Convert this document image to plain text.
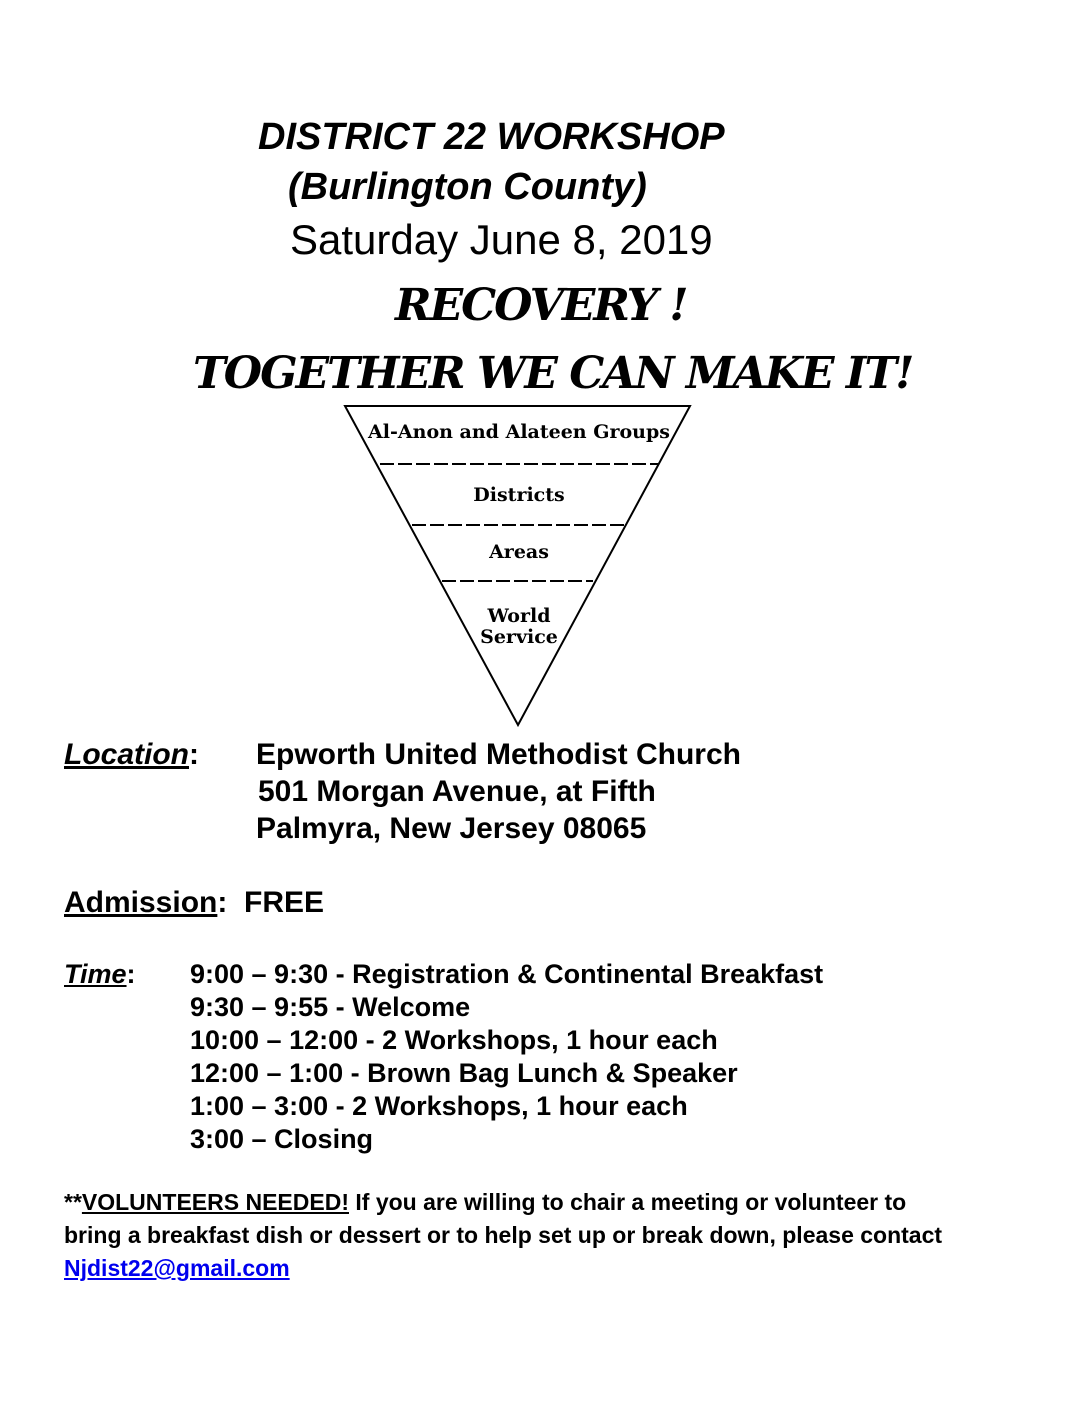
DISTRICT 22 WORKSHOP
(Burlington County)
Saturday June 8, 2019
RECOVERY !
TOGETHER WE CAN MAKE IT!
Al-Anon and Alateen Groups
Districts
Areas
World
Service
Location: Epworth United Methodist Church
501 Morgan Avenue, at Fifth
Palmyra, New Jersey 08065
Admission:  FREE
Time: 9:00 – 9:30 - Registration & Continental Breakfast
9:30 – 9:55 - Welcome
10:00 – 12:00 - 2 Workshops, 1 hour each
12:00 – 1:00 - Brown Bag Lunch & Speaker
1:00 – 3:00 - 2 Workshops, 1 hour each
3:00 – Closing
**VOLUNTEERS NEEDED! If you are willing to chair a meeting or volunteer to
bring a breakfast dish or dessert or to help set up or break down, please contact
Njdist22@gmail.com
